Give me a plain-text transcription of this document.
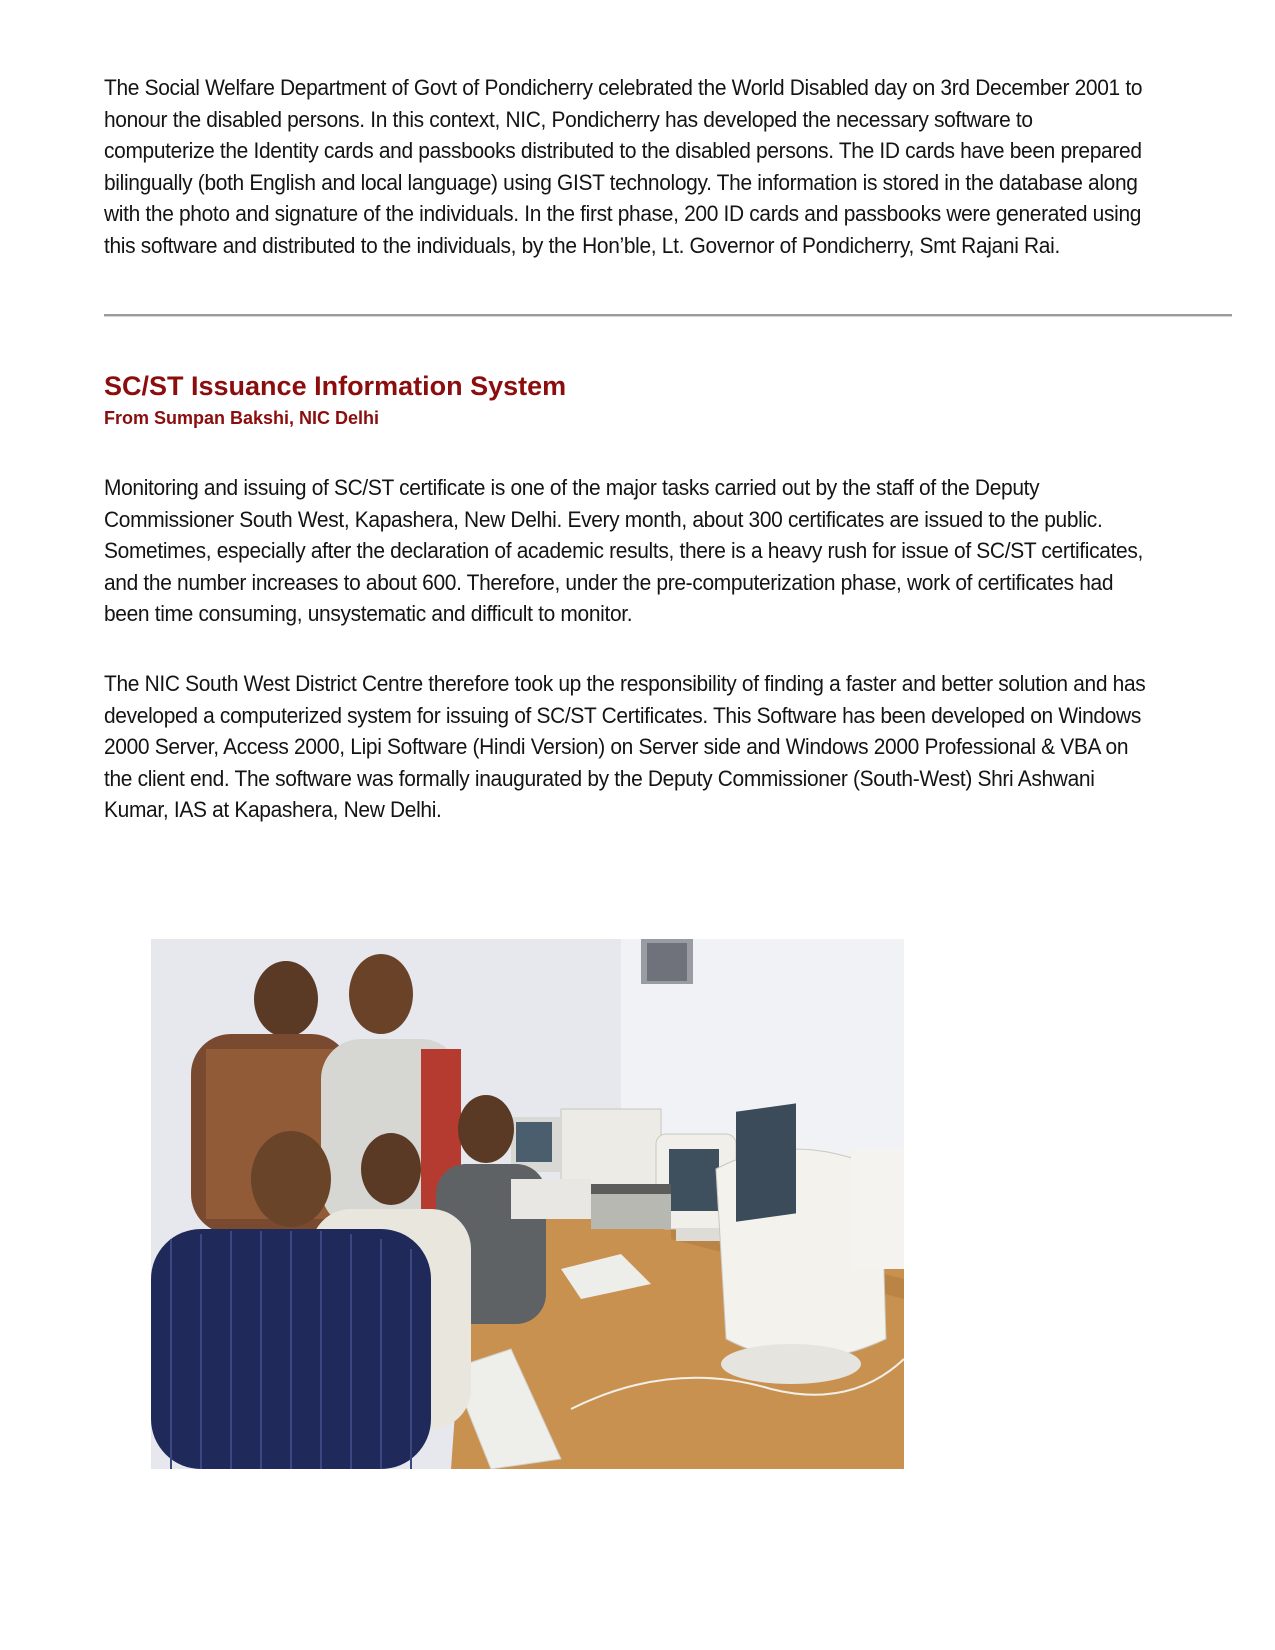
The Social Welfare Department of Govt of Pondicherry celebrated the World Disabled day on 3rd December 2001 to honour the disabled persons. In this context, NIC, Pondicherry has developed the necessary software to computerize the Identity cards and passbooks distributed to the disabled persons. The ID cards have been prepared bilingually (both English and local language) using GIST technology. The information is stored in the database along with the photo and signature of the individuals. In the first phase, 200 ID cards and passbooks were generated using this software and distributed to the individuals, by the Hon’ble, Lt. Governor of Pondicherry, Smt Rajani Rai.

SC/ST Issuance Information System
From Sumpan Bakshi, NIC Delhi

Monitoring and issuing of SC/ST certificate is one of the major tasks carried out by the staff of the Deputy Commissioner South West, Kapashera, New Delhi. Every month, about 300 certificates are issued to the public. Sometimes, especially after the declaration of academic results, there is a heavy rush for issue of SC/ST certificates, and the number increases to about 600. Therefore, under the pre-computerization phase, work of certificates had been time consuming, unsystematic and difficult to monitor.

The NIC South West District Centre therefore took up the responsibility of finding a faster and better solution and has developed a computerized system for issuing of SC/ST Certificates. This Software has been developed on Windows 2000 Server, Access 2000, Lipi Software (Hindi Version) on Server side and Windows 2000 Professional & VBA on the client end. The software was formally inaugurated by the Deputy Commissioner (South-West) Shri Ashwani Kumar, IAS at Kapashera, New Delhi.
